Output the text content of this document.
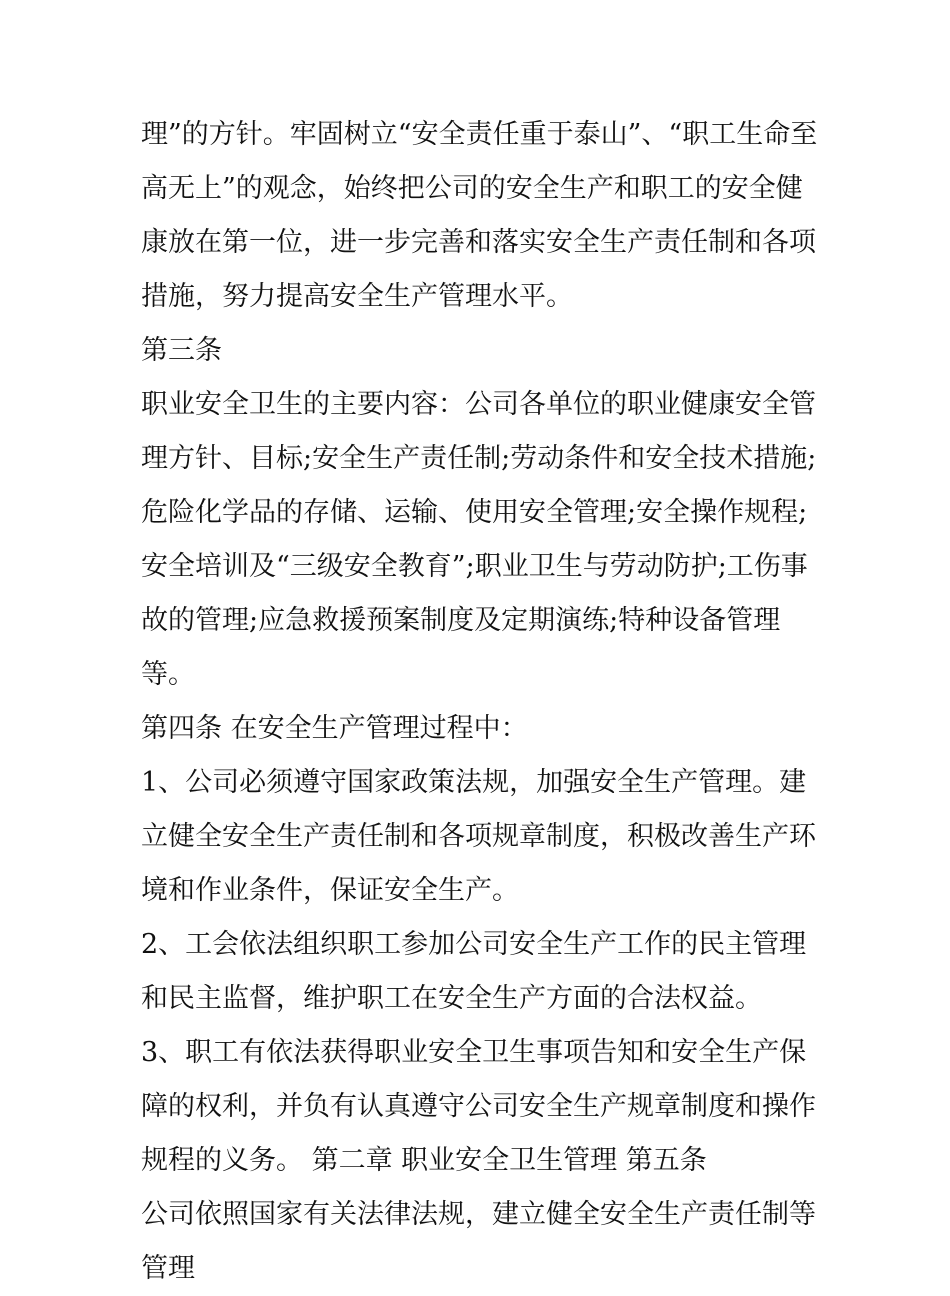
理”的方针。牢固树立“安全责任重于泰山”、“职工生命至高无上”的观念，始终把公司的安全生产和职工的安全健康放在第一位，进一步完善和落实安全生产责任制和各项措施，努力提高安全生产管理水平。

第三条

职业安全卫生的主要内容：公司各单位的职业健康安全管理方针、目标;安全生产责任制;劳动条件和安全技术措施;危险化学品的存储、运输、使用安全管理;安全操作规程;安全培训及“三级安全教育”;职业卫生与劳动防护;工伤事故的管理;应急救援预案制度及定期演练;特种设备管理等。

第四条 在安全生产管理过程中：

1、公司必须遵守国家政策法规，加强安全生产管理。建立健全安全生产责任制和各项规章制度，积极改善生产环境和作业条件，保证安全生产。

2、工会依法组织职工参加公司安全生产工作的民主管理和民主监督，维护职工在安全生产方面的合法权益。

3、职工有依法获得职业安全卫生事项告知和安全生产保障的权利，并负有认真遵守公司安全生产规章制度和操作规程的义务。 第二章 职业安全卫生管理 第五条

公司依照国家有关法律法规，建立健全安全生产责任制等管理
